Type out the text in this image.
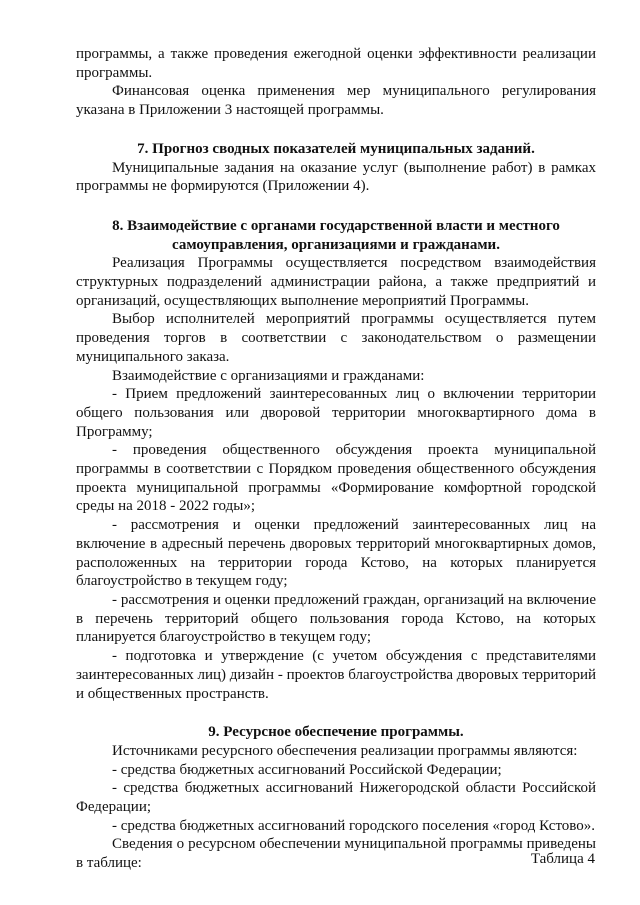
программы, а также проведения ежегодной оценки эффективности реализации программы.

Финансовая оценка применения мер муниципального регулирования указана в Приложении 3 настоящей программы.

7. Прогноз сводных показателей муниципальных заданий.

Муниципальные задания на оказание услуг (выполнение работ) в рамках программы не формируются (Приложении 4).

8. Взаимодействие с органами государственной власти и местного

самоуправления, организациями и гражданами.

Реализация Программы осуществляется посредством взаимодействия структурных подразделений администрации района, а также предприятий и организаций, осуществляющих выполнение мероприятий Программы.

Выбор исполнителей мероприятий программы осуществляется путем проведения торгов в соответствии с законодательством о размещении муниципального заказа.

Взаимодействие с организациями и гражданами:

- Прием предложений заинтересованных лиц о включении территории общего пользования или дворовой территории многоквартирного дома в Программу;

- проведения общественного обсуждения проекта муниципальной программы в соответствии с Порядком проведения общественного обсуждения проекта муниципальной программы «Формирование комфортной городской среды на 2018 - 2022 годы»;

- рассмотрения и оценки предложений заинтересованных лиц на включение в адресный перечень дворовых территорий многоквартирных домов, расположенных на территории города Кстово, на которых планируется благоустройство в текущем году;

- рассмотрения и оценки предложений граждан, организаций на включение в перечень территорий общего пользования города Кстово, на которых планируется благоустройство в текущем году;

- подготовка и утверждение (с учетом обсуждения с представителями заинтересованных лиц) дизайн - проектов благоустройства дворовых территорий и общественных пространств.

9. Ресурсное обеспечение программы.

Источниками ресурсного обеспечения реализации программы являются:

- средства бюджетных ассигнований Российской Федерации;

- средства бюджетных ассигнований Нижегородской области Российской Федерации;

- средства бюджетных ассигнований городского поселения «город Кстово».

Сведения о ресурсном обеспечении муниципальной программы приведены в таблице:	Таблица 4
